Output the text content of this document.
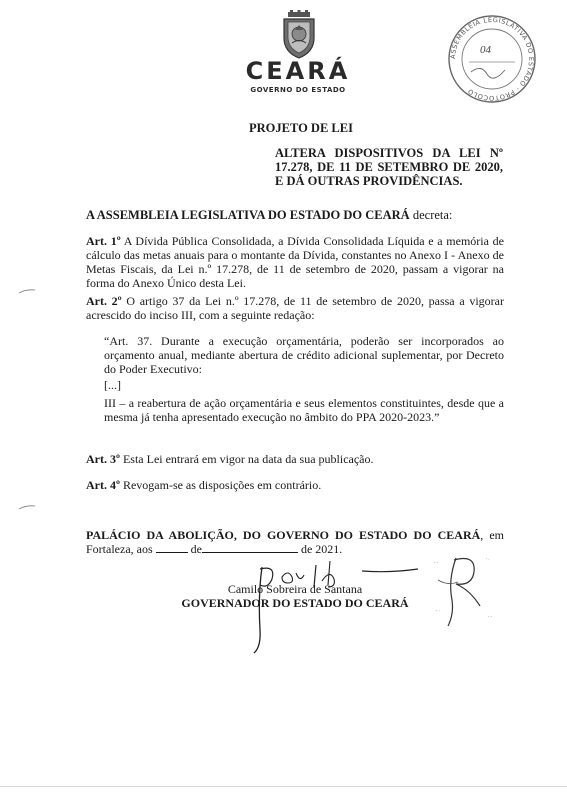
CEARÁ
GOVERNO DO ESTADO
ASSEMBLEIA LEGISLATIVA DO ESTADO · PROTOCOLO
04
PROJETO DE LEI
ALTERA DISPOSITIVOS DA LEI Nº 17.278, DE 11 DE SETEMBRO DE 2020, E DÁ OUTRAS PROVIDÊNCIAS.
A ASSEMBLEIA LEGISLATIVA DO ESTADO DO CEARÁ decreta:
Art. 1º A Dívida Pública Consolidada, a Dívida Consolidada Líquida e a memória de cálculo das metas anuais para o montante da Dívida, constantes no Anexo I - Anexo de Metas Fiscais, da Lei n.º 17.278, de 11 de setembro de 2020, passam a vigorar na forma do Anexo Único desta Lei.
Art. 2º O artigo 37 da Lei n.º 17.278, de 11 de setembro de 2020, passa a vigorar acrescido do inciso III, com a seguinte redação:
“Art. 37. Durante a execução orçamentária, poderão ser incorporados ao orçamento anual, mediante abertura de crédito adicional suplementar, por Decreto do Poder Executivo:
[...]
III – a reabertura de ação orçamentária e seus elementos constituintes, desde que a mesma já tenha apresentado execução no âmbito do PPA 2020-2023.”
Art. 3º Esta Lei entrará em vigor na data da sua publicação.
Art. 4º Revogam-se as disposições em contrário.
PALÁCIO DA ABOLIÇÃO, DO GOVERNO DO ESTADO DO CEARÁ, em Fortaleza, aos	de	de 2021.
Camilo Sobreira de Santana
GOVERNADOR DO ESTADO DO CEARÁ
